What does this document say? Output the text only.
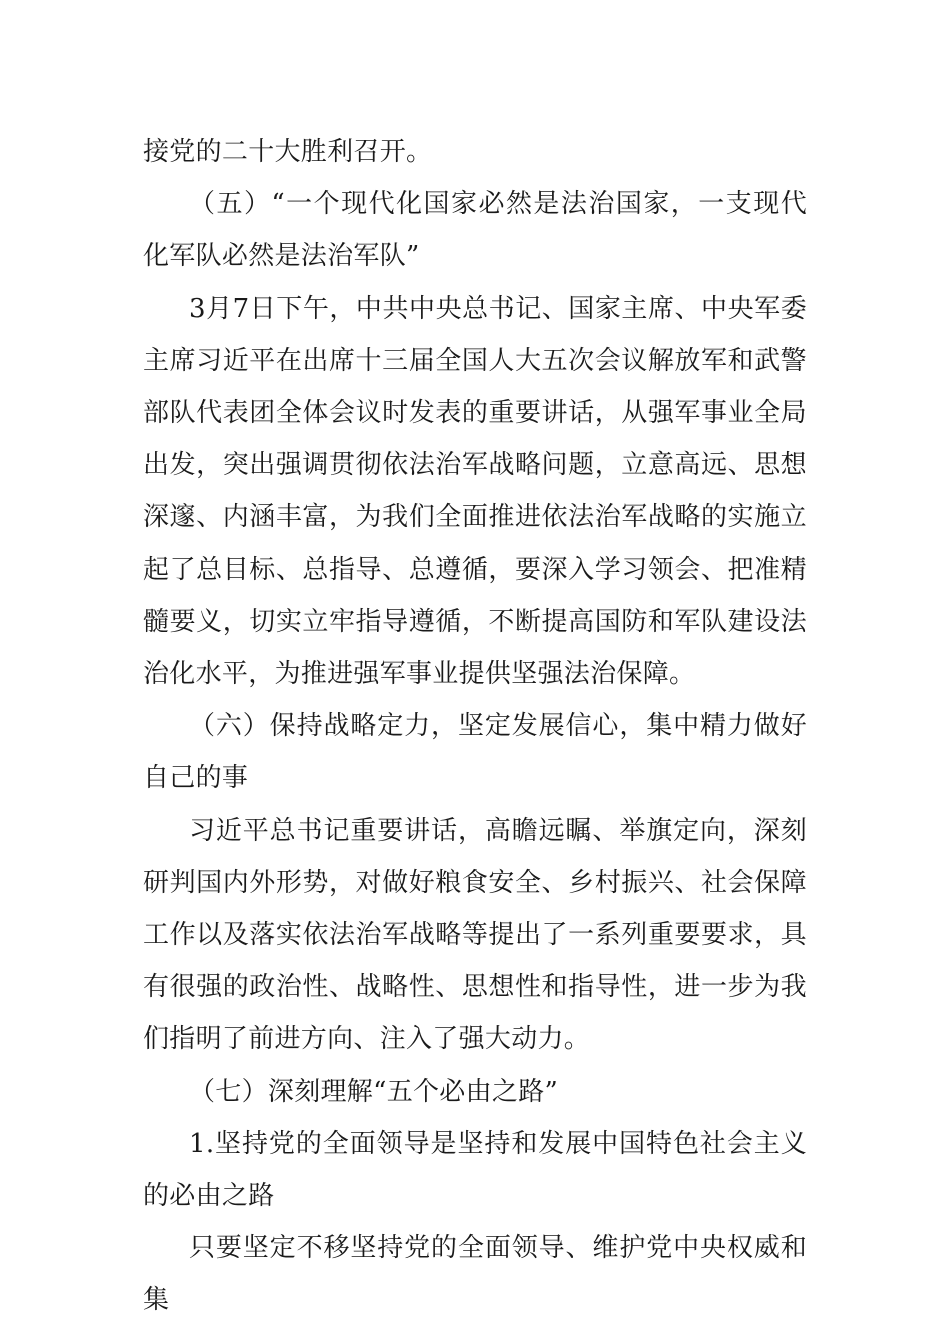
接党的二十大胜利召开。

（五）“一个现代化国家必然是法治国家，一支现代化军队必然是法治军队”

3月7日下午，中共中央总书记、国家主席、中央军委主席习近平在出席十三届全国人大五次会议解放军和武警部队代表团全体会议时发表的重要讲话，从强军事业全局出发，突出强调贯彻依法治军战略问题，立意高远、思想深邃、内涵丰富，为我们全面推进依法治军战略的实施立起了总目标、总指导、总遵循，要深入学习领会、把准精髓要义，切实立牢指导遵循，不断提高国防和军队建设法治化水平，为推进强军事业提供坚强法治保障。

（六）保持战略定力，坚定发展信心，集中精力做好自己的事

习近平总书记重要讲话，高瞻远瞩、举旗定向，深刻研判国内外形势，对做好粮食安全、乡村振兴、社会保障工作以及落实依法治军战略等提出了一系列重要要求，具有很强的政治性、战略性、思想性和指导性，进一步为我们指明了前进方向、注入了强大动力。

（七）深刻理解“五个必由之路”

1.坚持党的全面领导是坚持和发展中国特色社会主义的必由之路

只要坚定不移坚持党的全面领导、维护党中央权威和集
